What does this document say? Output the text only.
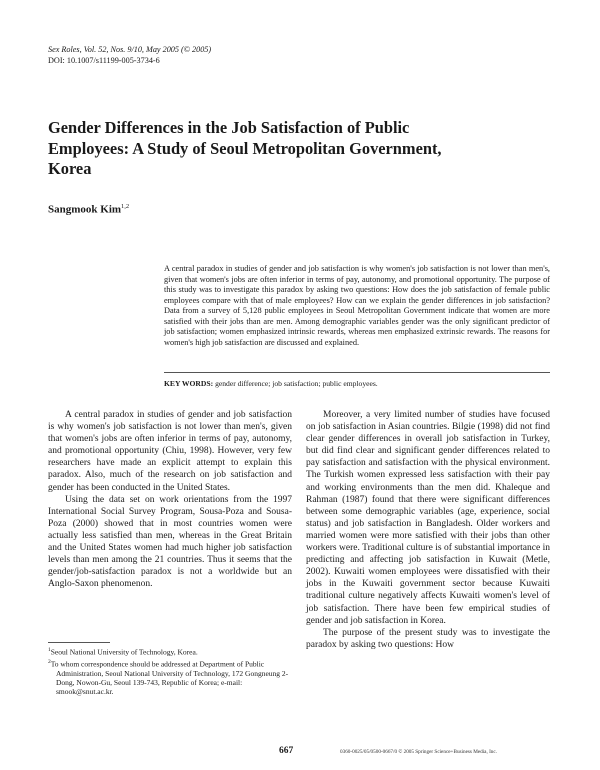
Sex Roles, Vol. 52, Nos. 9/10, May 2005 (© 2005)
DOI: 10.1007/s11199-005-3734-6
Gender Differences in the Job Satisfaction of Public Employees: A Study of Seoul Metropolitan Government, Korea
Sangmook Kim$^{1,2}$
A central paradox in studies of gender and job satisfaction is why women's job satisfaction is not lower than men's, given that women's jobs are often inferior in terms of pay, autonomy, and promotional opportunity. The purpose of this study was to investigate this paradox by asking two questions: How does the job satisfaction of female public employees compare with that of male employees? How can we explain the gender differences in job satisfaction? Data from a survey of 5,128 public employees in Seoul Metropolitan Government indicate that women are more satisfied with their jobs than are men. Among demographic variables gender was the only significant predictor of job satisfaction; women emphasized intrinsic rewards, whereas men emphasized extrinsic rewards. The reasons for women's high job satisfaction are discussed and explained.
KEY WORDS: gender difference; job satisfaction; public employees.

A central paradox in studies of gender and job satisfaction is why women's job satisfaction is not lower than men's, given that women's jobs are often inferior in terms of pay, autonomy, and promotional opportunity (Chiu, 1998). However, very few researchers have made an explicit attempt to explain this paradox. Also, much of the research on job satisfaction and gender has been conducted in the United States.

Using the data set on work orientations from the 1997 International Social Survey Program, Sousa-Poza and Sousa-Poza (2000) showed that in most countries women were actually less satisfied than men, whereas in the Great Britain and the United States women had much higher job satisfaction levels than men among the 21 countries. Thus it seems that the gender/job-satisfaction paradox is not a worldwide but an Anglo-Saxon phenomenon.

Moreover, a very limited number of studies have focused on job satisfaction in Asian countries. Bilgie (1998) did not find clear gender differences in overall job satisfaction in Turkey, but did find clear and significant gender differences related to pay satisfaction and satisfaction with the physical environment. The Turkish women expressed less satisfaction with their pay and working environments than the men did. Khaleque and Rahman (1987) found that there were significant differences between some demographic variables (age, experience, social status) and job satisfaction in Bangladesh. Older workers and married women were more satisfied with their jobs than other workers were. Traditional culture is of substantial importance in predicting and affecting job satisfaction in Kuwait (Metle, 2002). Kuwaiti women employees were dissatisfied with their jobs in the Kuwaiti government sector because Kuwaiti traditional culture negatively affects Kuwaiti women's level of job satisfaction. There have been few empirical studies of gender and job satisfaction in Korea.

The purpose of the present study was to investigate the paradox by asking two questions: How

$^1$Seoul National University of Technology, Korea.
$^2$To whom correspondence should be addressed at Department of Public Administration, Seoul National University of Technology, 172 Gongneung 2-Dong, Nowon-Gu, Seoul 139-743, Republic of Korea; e-mail: smook@snut.ac.kr.
667	0360-0025/05/0500-0667/0 © 2005 Springer Science+Business Media, Inc.
